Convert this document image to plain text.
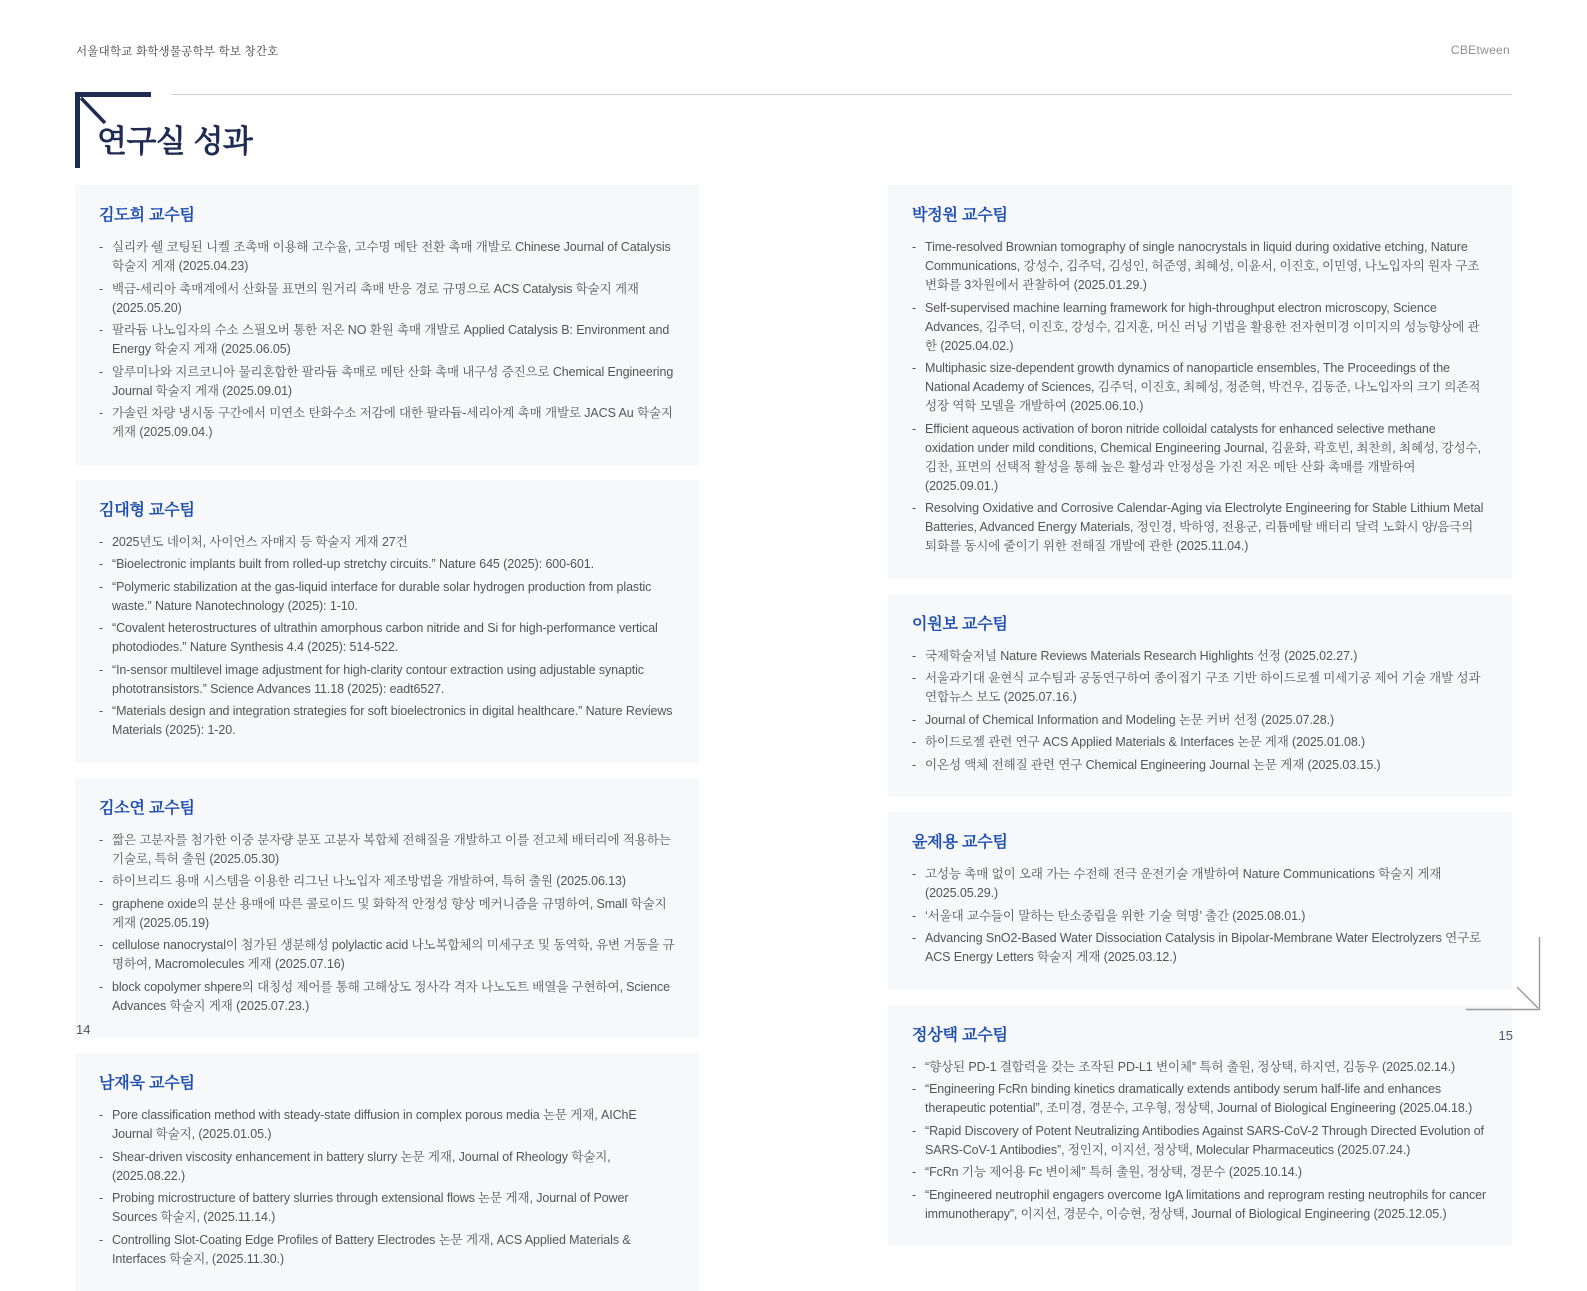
서울대학교 화학생물공학부 학보 창간호	CBEtween
연구실 성과
김도희 교수팀
- 실리카 쉘 코팅된 니켈 조촉매 이용해 고수율, 고수명 메탄 전환 촉매 개발로 Chinese Journal of Catalysis 학술지 게재 (2025.04.23)
- 백금-세리아 촉매계에서 산화물 표면의 원거리 촉매 반응 경로 규명으로 ACS Catalysis 학술지 게재 (2025.05.20)
- 팔라듐 나노입자의 수소 스필오버 통한 저온 NO 환원 촉매 개발로 Applied Catalysis B: Environment and Energy 학술지 게재 (2025.06.05)
- 알루미나와 지르코니아 물리혼합한 팔라듐 촉매로 메탄 산화 촉매 내구성 증진으로 Chemical Engineering Journal 학술지 게재 (2025.09.01)
- 가솔린 차량 냉시동 구간에서 미연소 탄화수소 저감에 대한 팔라듐-세리아계 촉매 개발로 JACS Au 학술지 게재 (2025.09.04.)
김대형 교수팀
- 2025년도 네이처, 사이언스 자매지 등 학술지 게재 27건
- “Bioelectronic implants built from rolled-up stretchy circuits.” Nature 645 (2025): 600-601.
- “Polymeric stabilization at the gas-liquid interface for durable solar hydrogen production from plastic waste.” Nature Nanotechnology (2025): 1-10.
- “Covalent heterostructures of ultrathin amorphous carbon nitride and Si for high-performance vertical photodiodes.” Nature Synthesis 4.4 (2025): 514-522.
- “In-sensor multilevel image adjustment for high-clarity contour extraction using adjustable synaptic phototransistors.” Science Advances 11.18 (2025): eadt6527.
- “Materials design and integration strategies for soft bioelectronics in digital healthcare.” Nature Reviews Materials (2025): 1-20.
김소연 교수팀
- 짧은 고분자를 첨가한 이중 분자량 분포 고분자 복합체 전해질을 개발하고 이를 전고체 배터리에 적용하는 기술로, 특허 출원 (2025.05.30)
- 하이브리드 용매 시스템을 이용한 리그닌 나노입자 제조방법을 개발하여, 특허 출원 (2025.06.13)
- graphene oxide의 분산 용매에 따른 콜로이드 및 화학적 안정성 향상 메커니즘을 규명하여, Small 학술지 게재 (2025.05.19)
- cellulose nanocrystal이 첨가된 생분해성 polylactic acid 나노복합체의 미세구조 및 동역학, 유변 거동을 규명하여, Macromolecules 게재 (2025.07.16)
- block copolymer shpere의 대칭성 제어를 통해 고해상도 정사각 격자 나노도트 배열을 구현하여, Science Advances 학술지 게재 (2025.07.23.)
남재욱 교수팀
- Pore classification method with steady-state diffusion in complex porous media 논문 게재, AIChE Journal 학술지, (2025.01.05.)
- Shear-driven viscosity enhancement in battery slurry 논문 게재, Journal of Rheology 학술지, (2025.08.22.)
- Probing microstructure of battery slurries through extensional flows 논문 게재, Journal of Power Sources 학술지, (2025.11.14.)
- Controlling Slot-Coating Edge Profiles of Battery Electrodes 논문 게재, ACS Applied Materials & Interfaces 학술지, (2025.11.30.)
박정원 교수팀
- Time-resolved Brownian tomography of single nanocrystals in liquid during oxidative etching, Nature Communications, 강성수, 김주덕, 김성인, 허준영, 최혜성, 이윤서, 이진호, 이민영, 나노입자의 원자 구조 변화를 3차원에서 관찰하여 (2025.01.29.)
- Self-supervised machine learning framework for high-throughput electron microscopy, Science Advances, 김주덕, 이진호, 강성수, 김지훈, 머신 러닝 기법을 활용한 전자현미경 이미지의 성능향상에 관한 (2025.04.02.)
- Multiphasic size-dependent growth dynamics of nanoparticle ensembles, The Proceedings of the National Academy of Sciences, 김주덕, 이진호, 최혜성, 정준혁, 박건우, 김동준, 나노입자의 크기 의존적 성장 역학 모델을 개발하여 (2025.06.10.)
- Efficient aqueous activation of boron nitride colloidal catalysts for enhanced selective methane oxidation under mild conditions, Chemical Engineering Journal, 김윤화, 곽호빈, 최찬희, 최혜성, 강성수, 김찬, 표면의 선택적 활성을 통해 높은 활성과 안정성을 가진 저온 메탄 산화 촉매를 개발하여 (2025.09.01.)
- Resolving Oxidative and Corrosive Calendar-Aging via Electrolyte Engineering for Stable Lithium Metal Batteries, Advanced Energy Materials, 정인경, 박하영, 전용군, 리튬메탈 배터리 달력 노화시 양/음극의 퇴화를 동시에 줄이기 위한 전해질 개발에 관한 (2025.11.04.)
이원보 교수팀
- 국제학술저널 Nature Reviews Materials Research Highlights 선정 (2025.02.27.)
- 서울과기대 윤현식 교수팀과 공동연구하여 종이접기 구조 기반 하이드로젤 미세기공 제어 기술 개발 성과 연합뉴스 보도 (2025.07.16.)
- Journal of Chemical Information and Modeling 논문 커버 선정 (2025.07.28.)
- 하이드로젤 관련 연구 ACS Applied Materials & Interfaces 논문 게재 (2025.01.08.)
- 이온성 액체 전해질 관련 연구 Chemical Engineering Journal 논문 게재 (2025.03.15.)
윤제용 교수팀
- 고성능 촉매 없이 오래 가는 수전해 전극 운전기술 개발하여 Nature Communications 학술지 게재 (2025.05.29.)
- ‘서울대 교수들이 말하는 탄소중립을 위한 기술 혁명’ 출간 (2025.08.01.)
- Advancing SnO2-Based Water Dissociation Catalysis in Bipolar-Membrane Water Electrolyzers 연구로 ACS Energy Letters 학술지 게재 (2025.03.12.)
정상택 교수팀
- “향상된 PD-1 결합력을 갖는 조작된 PD-L1 변이체” 특허 출원, 정상택, 하지연, 김동우 (2025.02.14.)
- “Engineering FcRn binding kinetics dramatically extends antibody serum half-life and enhances therapeutic potential”, 조미경, 경문수, 고우형, 정상택, Journal of Biological Engineering (2025.04.18.)
- “Rapid Discovery of Potent Neutralizing Antibodies Against SARS-CoV-2 Through Directed Evolution of SARS-CoV-1 Antibodies”, 정인지, 이지선, 정상택, Molecular Pharmaceutics (2025.07.24.)
- “FcRn 기능 제어용 Fc 변이체” 특허 출원, 정상택, 경문수 (2025.10.14.)
- “Engineered neutrophil engagers overcome IgA limitations and reprogram resting neutrophils for cancer immunotherapy”, 이지선, 경문수, 이승현, 정상택, Journal of Biological Engineering (2025.12.05.)
14	15
